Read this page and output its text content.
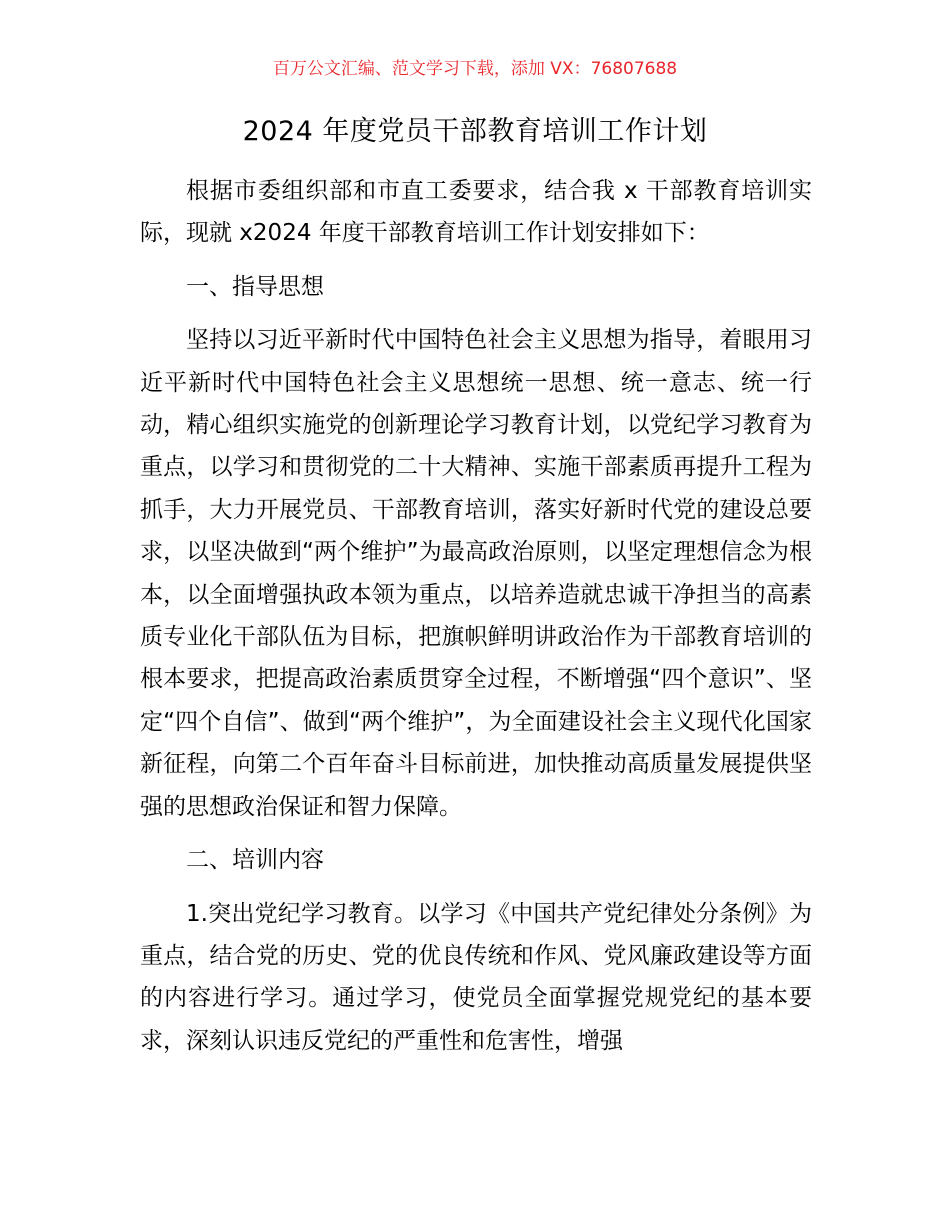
百万公文汇编、范文学习下载，添加 VX：76807688
2024 年度党员干部教育培训工作计划

根据市委组织部和市直工委要求，结合我 x 干部教育培训实际，现就 x2024 年度干部教育培训工作计划安排如下：

一、指导思想

坚持以习近平新时代中国特色社会主义思想为指导，着眼用习近平新时代中国特色社会主义思想统一思想、统一意志、统一行动，精心组织实施党的创新理论学习教育计划，以党纪学习教育为重点，以学习和贯彻党的二十大精神、实施干部素质再提升工程为抓手，大力开展党员、干部教育培训，落实好新时代党的建设总要求，以坚决做到“两个维护”为最高政治原则，以坚定理想信念为根本，以全面增强执政本领为重点，以培养造就忠诚干净担当的高素质专业化干部队伍为目标，把旗帜鲜明讲政治作为干部教育培训的根本要求，把提高政治素质贯穿全过程，不断增强“四个意识”、坚定“四个自信”、做到“两个维护”，为全面建设社会主义现代化国家新征程，向第二个百年奋斗目标前进，加快推动高质量发展提供坚强的思想政治保证和智力保障。

二、培训内容

1.突出党纪学习教育。以学习《中国共产党纪律处分条例》为重点，结合党的历史、党的优良传统和作风、党风廉政建设等方面的内容进行学习。通过学习，使党员全面掌握党规党纪的基本要求，深刻认识违反党纪的严重性和危害性，增强
